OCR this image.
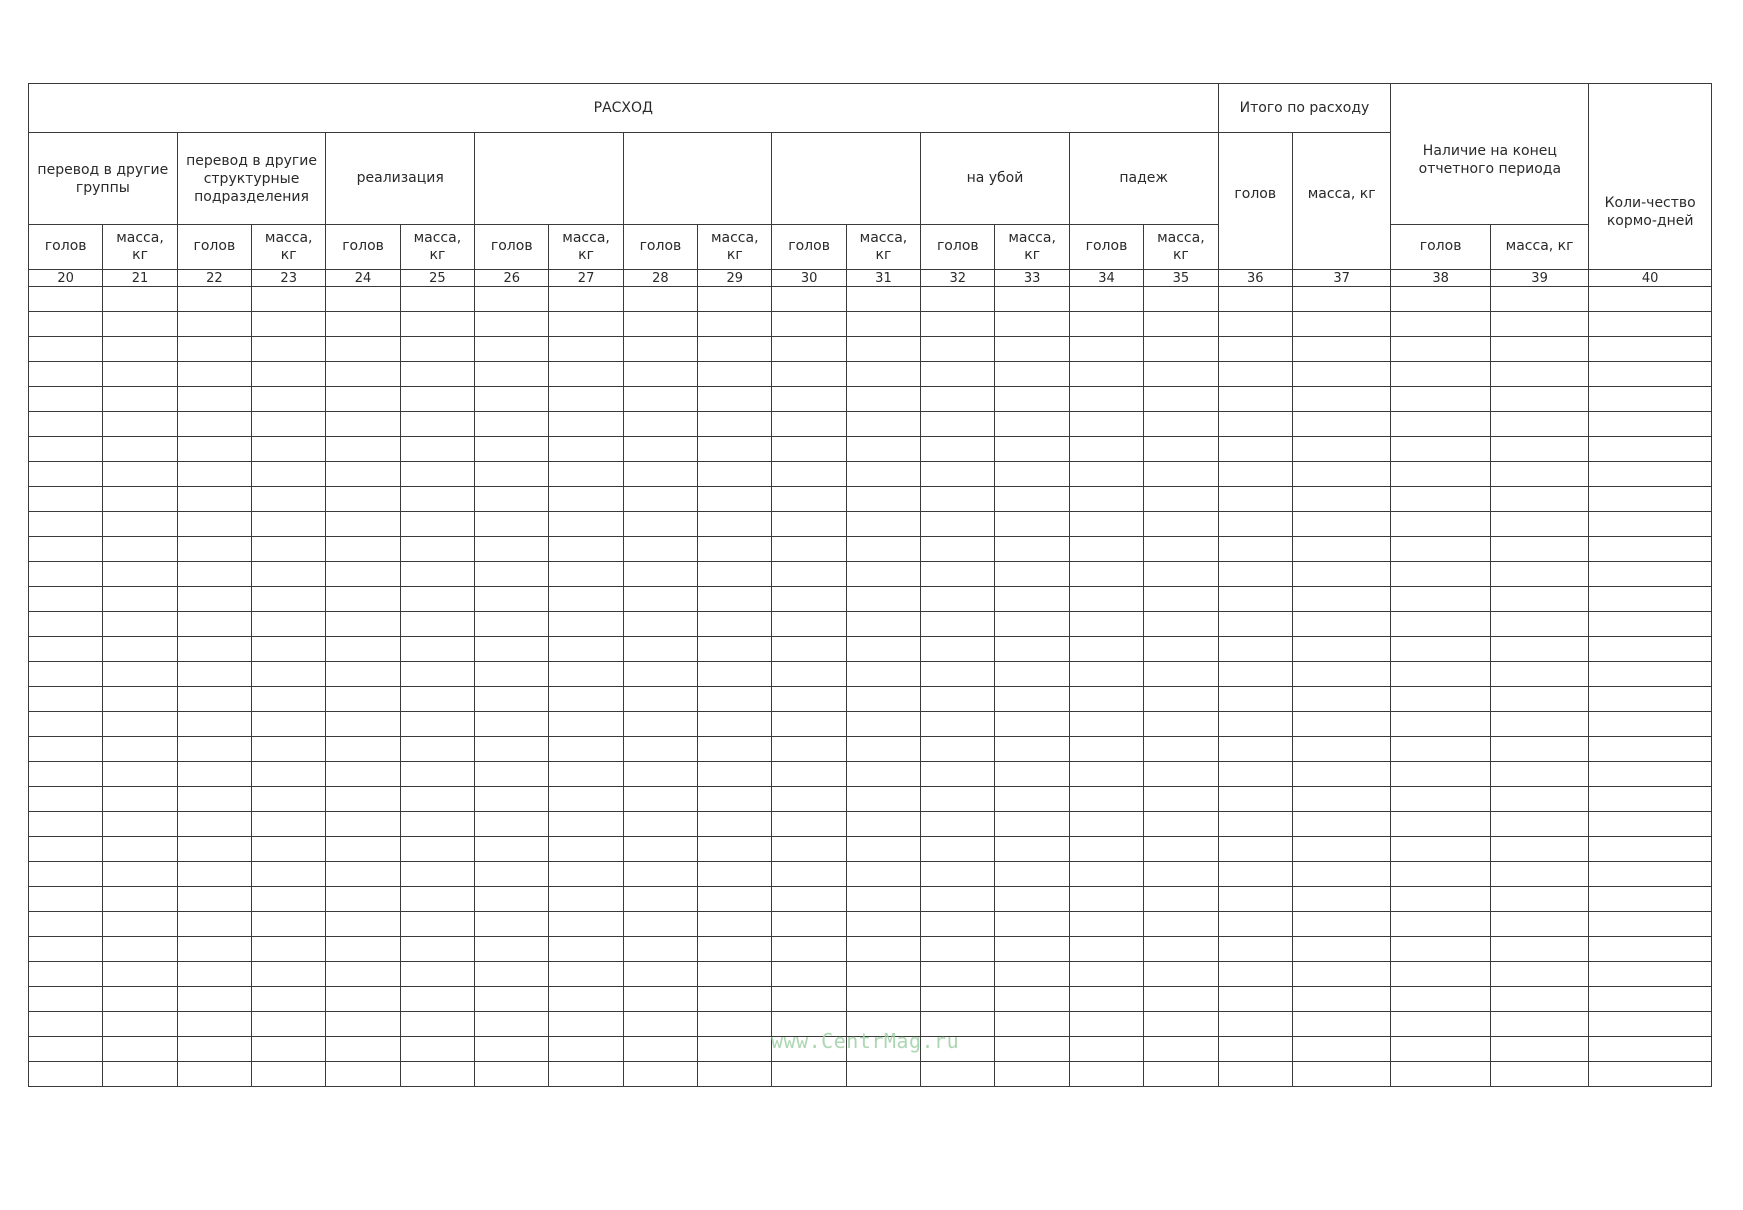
РАСХОД																Итого по расходу		Наличие на конец отчетного периода		Коли-чество кормо-дней
перевод в другие группы		перевод в другие структурные подразделения		реализация								на убой		падеж		голов	масса, кг			
голов	масса, кг	голов	масса, кг	голов	масса, кг	голов	масса, кг	голов	масса, кг	голов	масса, кг	голов	масса, кг	голов	масса, кг			голов	масса, кг	
20	21	22	23	24	25	26	27	28	29	30	31	32	33	34	35	36	37	38	39	40

www.CentrMag.ru
